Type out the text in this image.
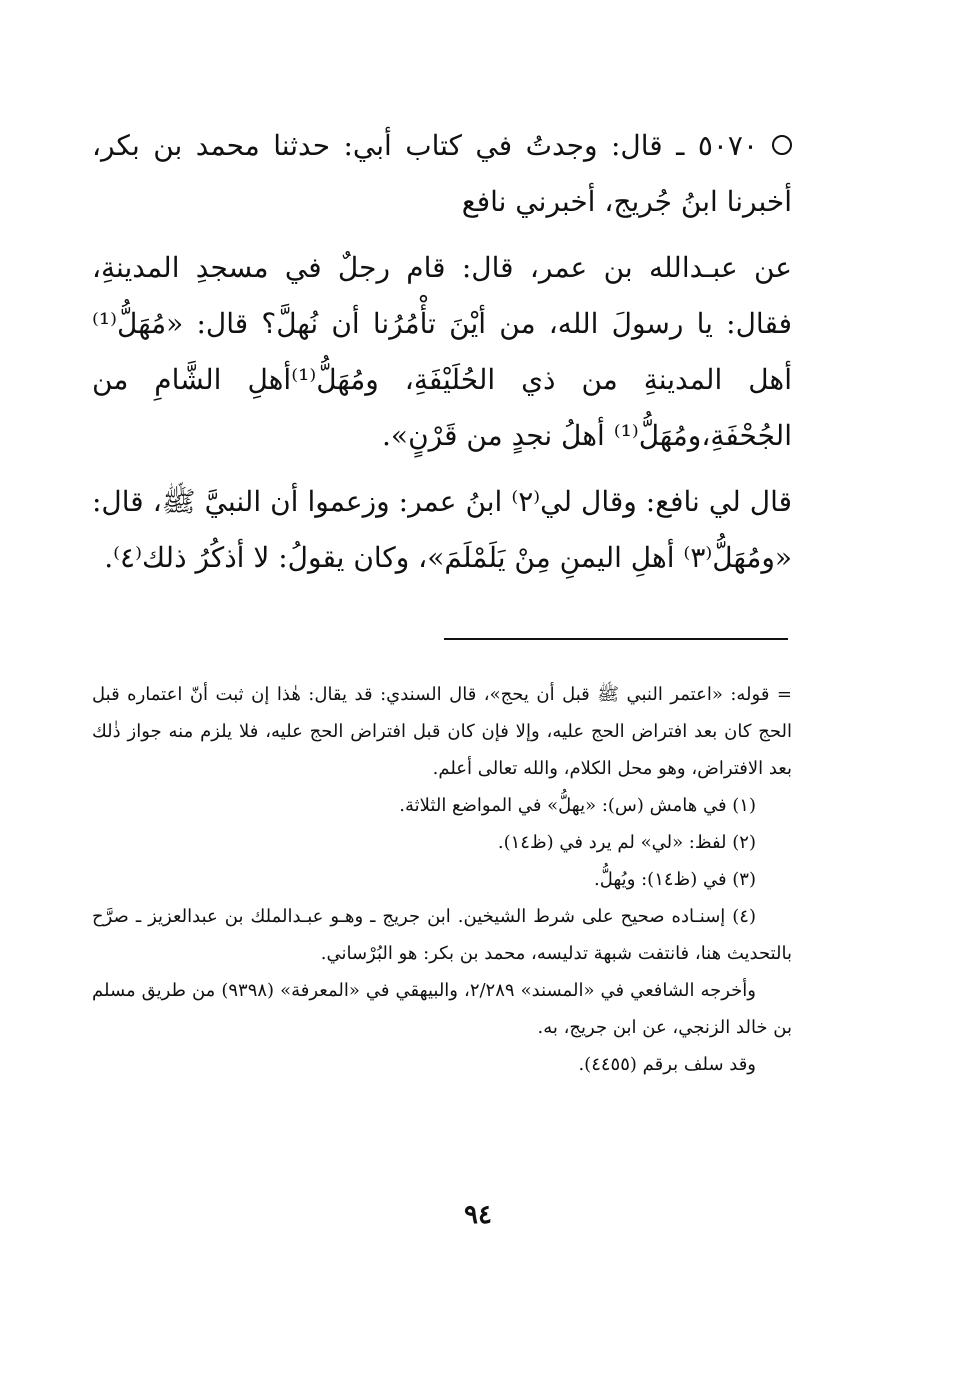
٥٠٧٠ ـ قال: وجدتُ في كتاب أبي: حدثنا محمد بن بكر، أخبرنا ابنُ جُريج، أخبرني نافع

عن عبـدالله بن عمر، قال: قام رجلٌ في مسجدِ المدينةِ، فقال: يا رسولَ الله، من أيْنَ تأْمُرُنا أن نُهلَّ؟ قال: «مُهَلُّ⁽¹⁾ أهل المدينةِ من ذي الحُلَيْفَةِ، ومُهَلُّ⁽¹⁾أهلِ الشَّامِ من الجُحْفَةِ،ومُهَلُّ⁽¹⁾ أهلُ نجدٍ من قَرْنٍ».

قال لي نافع: وقال لي⁽٢⁾ ابنُ عمر: وزعموا أن النبيَّ ﷺ، قال: «ومُهَلُّ⁽٣⁾ أهلِ اليمنِ مِنْ يَلَمْلَمَ»، وكان يقولُ: لا أذكُرُ ذلك⁽٤⁾.

= قوله: «اعتمر النبي ﷺ قبل أن يحج»، قال السندي: قد يقال: هٰذا إن ثبت أنّ اعتماره قبل الحج كان بعد افتراض الحج عليه، وإلا فإن كان قبل افتراض الحج عليه، فلا يلزم منه جواز ذٰلك بعد الافتراض، وهو محل الكلام، والله تعالى أعلم.

(١) في هامش (س): «يهلُّ» في المواضع الثلاثة.

(٢) لفظ: «لي» لم يرد في (ظ١٤).

(٣) في (ظ١٤): ويُهلُّ.

(٤) إسنـاده صحيح على شرط الشيخين. ابن جريج ـ وهـو عبـدالملك بن عبدالعزيز ـ صرَّح بالتحديث هنا، فانتفت شبهة تدليسه، محمد بن بكر: هو البُرْساني.

وأخرجه الشافعي في «المسند» ٢/٢٨٩، والبيهقي في «المعرفة» (٩٣٩٨) من طريق مسلم بن خالد الزنجي، عن ابن جريج، به.

وقد سلف برقم (٤٤٥٥).

٩٤
